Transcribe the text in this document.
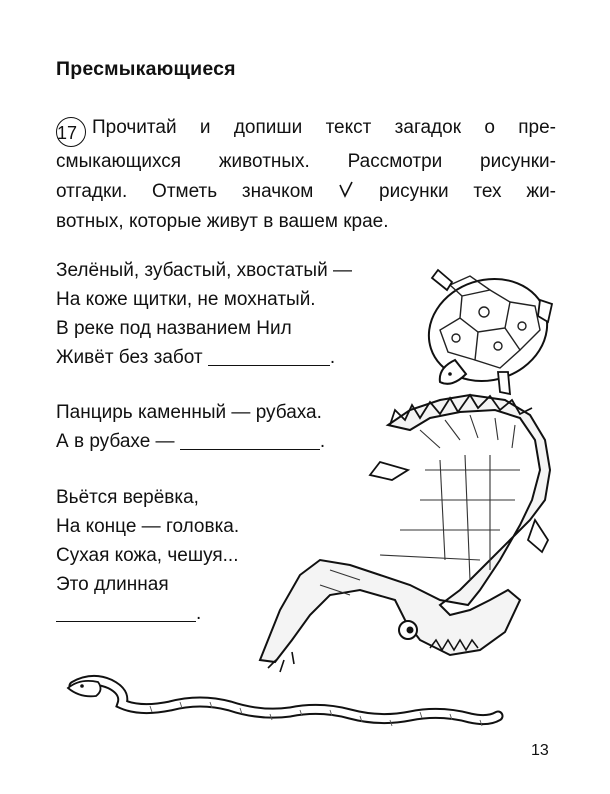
Пресмыкающиеся
17 Прочитай и допиши текст загадок о пре-
смыкающихся животных. Рассмотри рисунки-
отгадки. Отметь значком	рисунки тех жи-
вотных, которые живут в вашем крае.
Зелёный, зубастый, хвостатый —
На коже щитки, не мохнатый.
В реке под названием Нил
Живёт без забот	.
Панцирь каменный — рубаха.
А в рубахе —	.
Вьётся верёвка,
На конце — головка.
Сухая кожа, чешуя...
Это длинная
.
13
